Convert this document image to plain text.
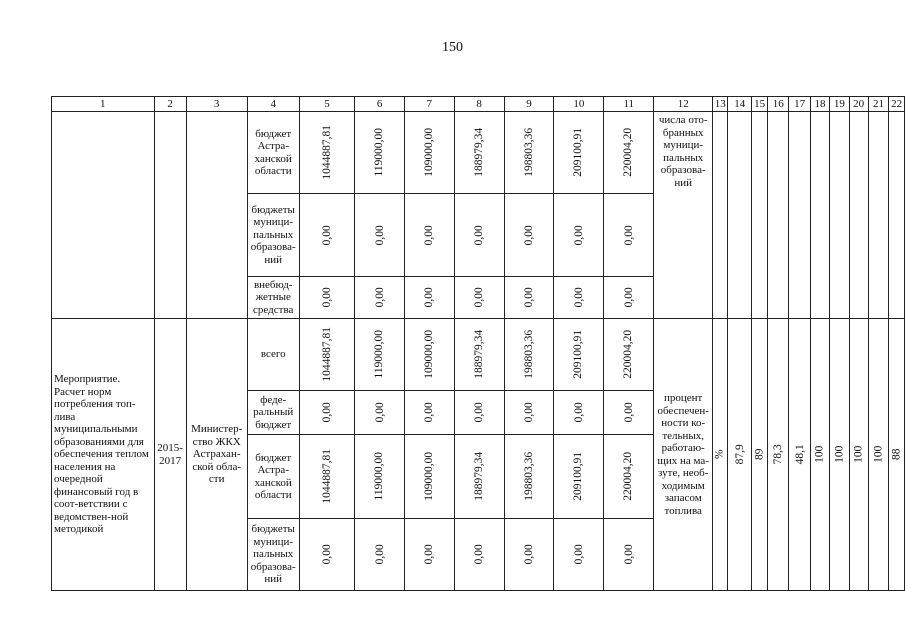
150
1	2	3	4	5	6	7	8	9	10	11	12	13	14	15	16	17	18	19	20	21	22
			бюджет Астра-ханской области	1044887,81	119000,00	109000,00	188979,34	198803,36	209100,91	220004,20	числа ото-бранных муници-пальных образова-ний										
			бюджеты муници-пальных образова-ний	0,00	0,00	0,00	0,00	0,00	0,00	0,00											
			внебюд-жетные средства	0,00	0,00	0,00	0,00	0,00	0,00	0,00											
Мероприятие. Расчет норм потребления топ-лива муниципальными образованиями для обеспечения теплом населения на очередной финансовый год в соот-ветствии с ведомствен-ной методикой	2015-2017	Министер-ство ЖКХ Астрахан-ской обла-сти	всего	1044887,81	119000,00	109000,00	188979,34	198803,36	209100,91	220004,20	процент обеспечен-ности ко-тельных, работаю-щих на ма-зуте, необ-ходимым запасом топлива	%	87,9	89	78,3	48,1	100	100	100	100	88
			феде-ральный бюджет	0,00	0,00	0,00	0,00	0,00	0,00	0,00											
			бюджет Астра-ханской области	1044887,81	119000,00	109000,00	188979,34	198803,36	209100,91	220004,20											
			бюджеты муници-пальных образова-ний	0,00	0,00	0,00	0,00	0,00	0,00	0,00											
